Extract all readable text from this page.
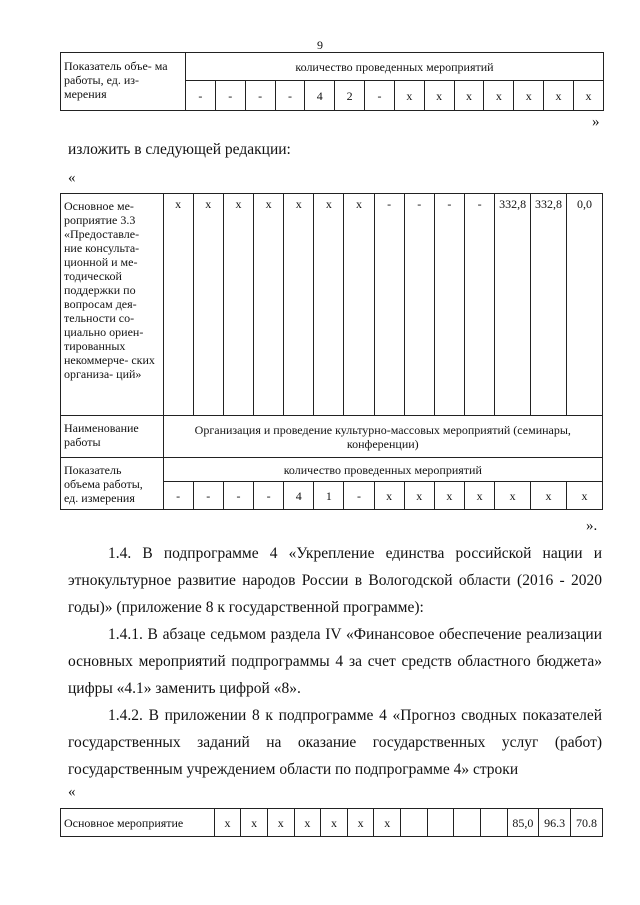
9
Показатель объе- ма работы, ед. из- мерения	количество проведенных мероприятий													
	-	-	-	-	4	2	-	x	x	x	x	x	x	x
»
изложить в следующей редакции:
«
Основное ме- роприятие 3.3 «Предоставле- ние консульта- ционной и ме- тодической поддержки по вопросам дея- тельности со- циально ориен- тированных некоммерче- ских организа- ций»	x	x	x	x	x	x	x	-	-	-	-	332,8	332,8	0,0
Наименование работы	Организация и проведение культурно-массовых мероприятий (семинары, конференции)													
Показатель объема работы, ед. измерения	количество проведенных мероприятий													
	-	-	-	-	4	1	-	x	x	x	x	x	x	x
».
1.4. В подпрограмме 4 «Укрепление единства российской нации и этнокультурное развитие народов России в Вологодской области (2016 - 2020 годы)» (приложение 8 к государственной программе):
1.4.1. В абзаце седьмом раздела IV «Финансовое обеспечение реализации основных мероприятий подпрограммы 4 за счет средств областного бюджета» цифры «4.1» заменить цифрой «8».
1.4.2. В приложении 8 к подпрограмме 4 «Прогноз сводных показателей государственных заданий на оказание государственных услуг (работ) государственным учреждением области по подпрограмме 4» строки
«
Основное мероприятие	x	x	x	x	x	x	x					85,0	96.3	70.8
